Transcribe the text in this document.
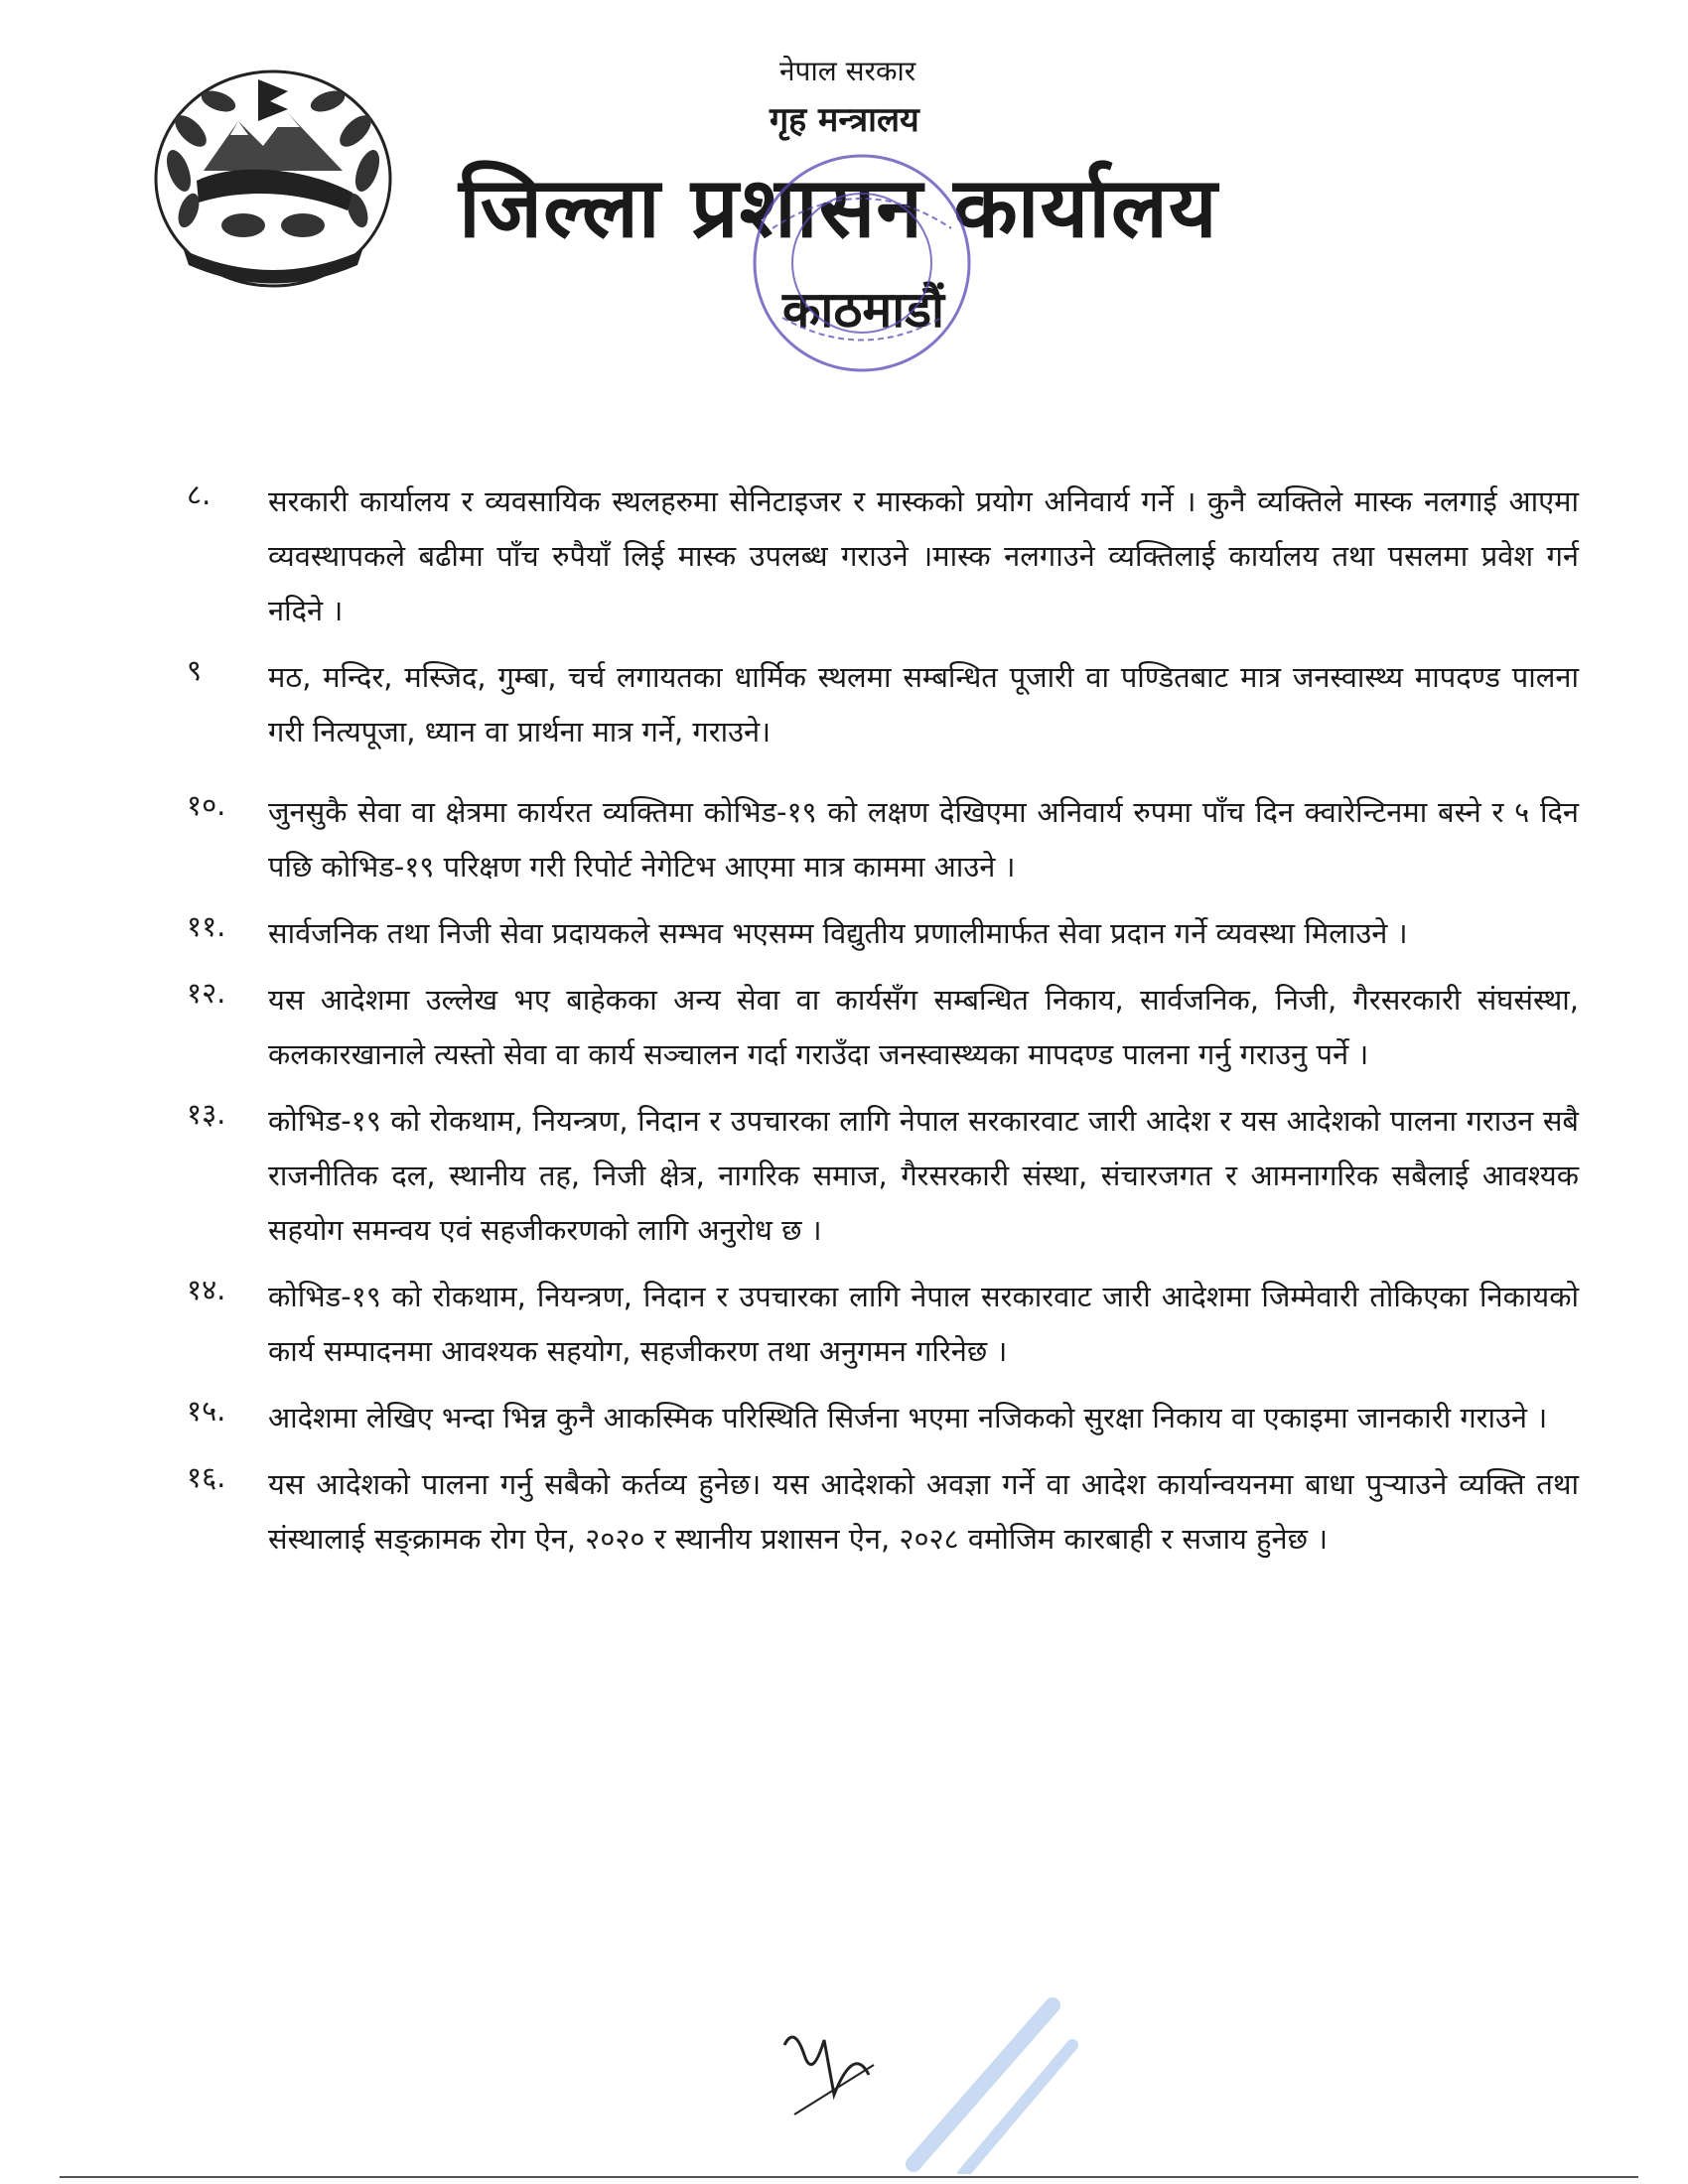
नेपाल सरकार
गृह मन्त्रालय
जिल्ला प्रशासन कार्यालय
काठमाडौं
८. सरकारी कार्यालय र व्यवसायिक स्थलहरुमा सेनिटाइजर र मास्कको प्रयोग अनिवार्य गर्ने । कुनै व्यक्तिले मास्क नलगाई आएमा व्यवस्थापकले बढीमा पाँच रुपैयाँ लिई मास्क उपलब्ध गराउने ।मास्क नलगाउने व्यक्तिलाई कार्यालय तथा पसलमा प्रवेश गर्न नदिने ।
९ मठ, मन्दिर, मस्जिद, गुम्बा, चर्च लगायतका धार्मिक स्थलमा सम्बन्धित पूजारी वा पण्डितबाट मात्र जनस्वास्थ्य मापदण्ड पालना गरी नित्यपूजा, ध्यान वा प्रार्थना मात्र गर्ने, गराउने।
१०. जुनसुकै सेवा वा क्षेत्रमा कार्यरत व्यक्तिमा कोभिड-१९ को लक्षण देखिएमा अनिवार्य रुपमा पाँच दिन क्वारेन्टिनमा बस्ने र ५ दिन पछि कोभिड-१९ परिक्षण गरी रिपोर्ट नेगेटिभ आएमा मात्र काममा आउने ।
११. सार्वजनिक तथा निजी सेवा प्रदायकले सम्भव भएसम्म विद्युतीय प्रणालीमार्फत सेवा प्रदान गर्ने व्यवस्था मिलाउने ।
१२. यस आदेशमा उल्लेख भए बाहेकका अन्य सेवा वा कार्यसँग सम्बन्धित निकाय, सार्वजनिक, निजी, गैरसरकारी संघसंस्था, कलकारखानाले त्यस्तो सेवा वा कार्य सञ्चालन गर्दा गराउँदा जनस्वास्थ्यका मापदण्ड पालना गर्नु गराउनु पर्ने ।
१३. कोभिड-१९ को रोकथाम, नियन्त्रण, निदान र उपचारका लागि नेपाल सरकारवाट जारी आदेश र यस आदेशको पालना गराउन सबै राजनीतिक दल, स्थानीय तह, निजी क्षेत्र, नागरिक समाज, गैरसरकारी संस्था, संचारजगत र आमनागरिक सबैलाई आवश्यक सहयोग समन्वय एवं सहजीकरणको लागि अनुरोध छ ।
१४. कोभिड-१९ को रोकथाम, नियन्त्रण, निदान र उपचारका लागि नेपाल सरकारवाट जारी आदेशमा जिम्मेवारी तोकिएका निकायको कार्य सम्पादनमा आवश्यक सहयोग, सहजीकरण तथा अनुगमन गरिनेछ ।
१५. आदेशमा लेखिए भन्दा भिन्न कुनै आकस्मिक परिस्थिति सिर्जना भएमा नजिकको सुरक्षा निकाय वा एकाइमा जानकारी गराउने ।
१६. यस आदेशको पालना गर्नु सबैको कर्तव्य हुनेछ। यस आदेशको अवज्ञा गर्ने वा आदेश कार्यान्वयनमा बाधा पुर्‍याउने व्यक्ति तथा संस्थालाई सङ्क्रामक रोग ऐन, २०२० र स्थानीय प्रशासन ऐन, २०२८ वमोजिम कारबाही र सजाय हुनेछ ।
